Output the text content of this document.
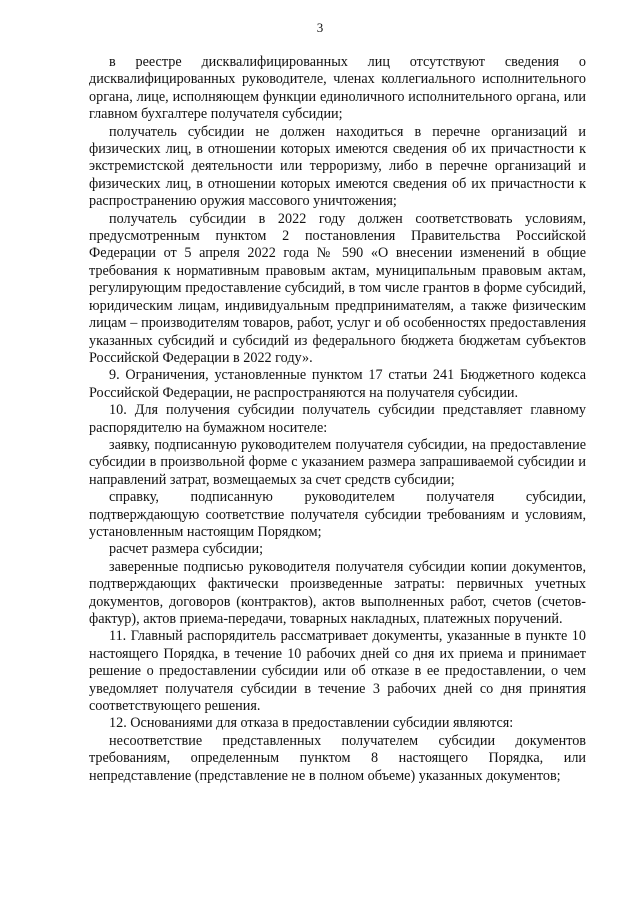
3

в реестре дисквалифицированных лиц отсутствуют сведения о дисквалифицированных руководителе, членах коллегиального исполнительного органа, лице, исполняющем функции единоличного исполнительного органа, или главном бухгалтере получателя субсидии;

получатель субсидии не должен находиться в перечне организаций и физических лиц, в отношении которых имеются сведения об их причастности к экстремистской деятельности или терроризму, либо в перечне организаций и физических лиц, в отношении которых имеются сведения об их причастности к распространению оружия массового уничтожения;

получатель субсидии в 2022 году должен соответствовать условиям, предусмотренным пунктом 2 постановления Правительства Российской Федерации от 5 апреля 2022 года № 590 «О внесении изменений в общие требования к нормативным правовым актам, муниципальным правовым актам, регулирующим предоставление субсидий, в том числе грантов в форме субсидий, юридическим лицам, индивидуальным предпринимателям, а также физическим лицам – производителям товаров, работ, услуг и об особенностях предоставления указанных субсидий и субсидий из федерального бюджета бюджетам субъектов Российской Федерации в 2022 году».

9. Ограничения, установленные пунктом 17 статьи 241 Бюджетного кодекса Российской Федерации, не распространяются на получателя субсидии.

10. Для получения субсидии получатель субсидии представляет главному распорядителю на бумажном носителе:

заявку, подписанную руководителем получателя субсидии, на предоставление субсидии в произвольной форме с указанием размера запрашиваемой субсидии и направлений затрат, возмещаемых за счет средств субсидии;

справку, подписанную руководителем получателя субсидии, подтверждающую соответствие получателя субсидии требованиям и условиям, установленным настоящим Порядком;

расчет размера субсидии;

заверенные подписью руководителя получателя субсидии копии документов, подтверждающих фактически произведенные затраты: первичных учетных документов, договоров (контрактов), актов выполненных работ, счетов (счетов-фактур), актов приема-передачи, товарных накладных, платежных поручений.

11. Главный распорядитель рассматривает документы, указанные в пункте 10 настоящего Порядка, в течение 10 рабочих дней со дня их приема и принимает решение о предоставлении субсидии или об отказе в ее предоставлении, о чем уведомляет получателя субсидии в течение 3 рабочих дней со дня принятия соответствующего решения.

12. Основаниями для отказа в предоставлении субсидии являются:

несоответствие представленных получателем субсидии документов требованиям, определенным пунктом 8 настоящего Порядка, или непредставление (представление не в полном объеме) указанных документов;
